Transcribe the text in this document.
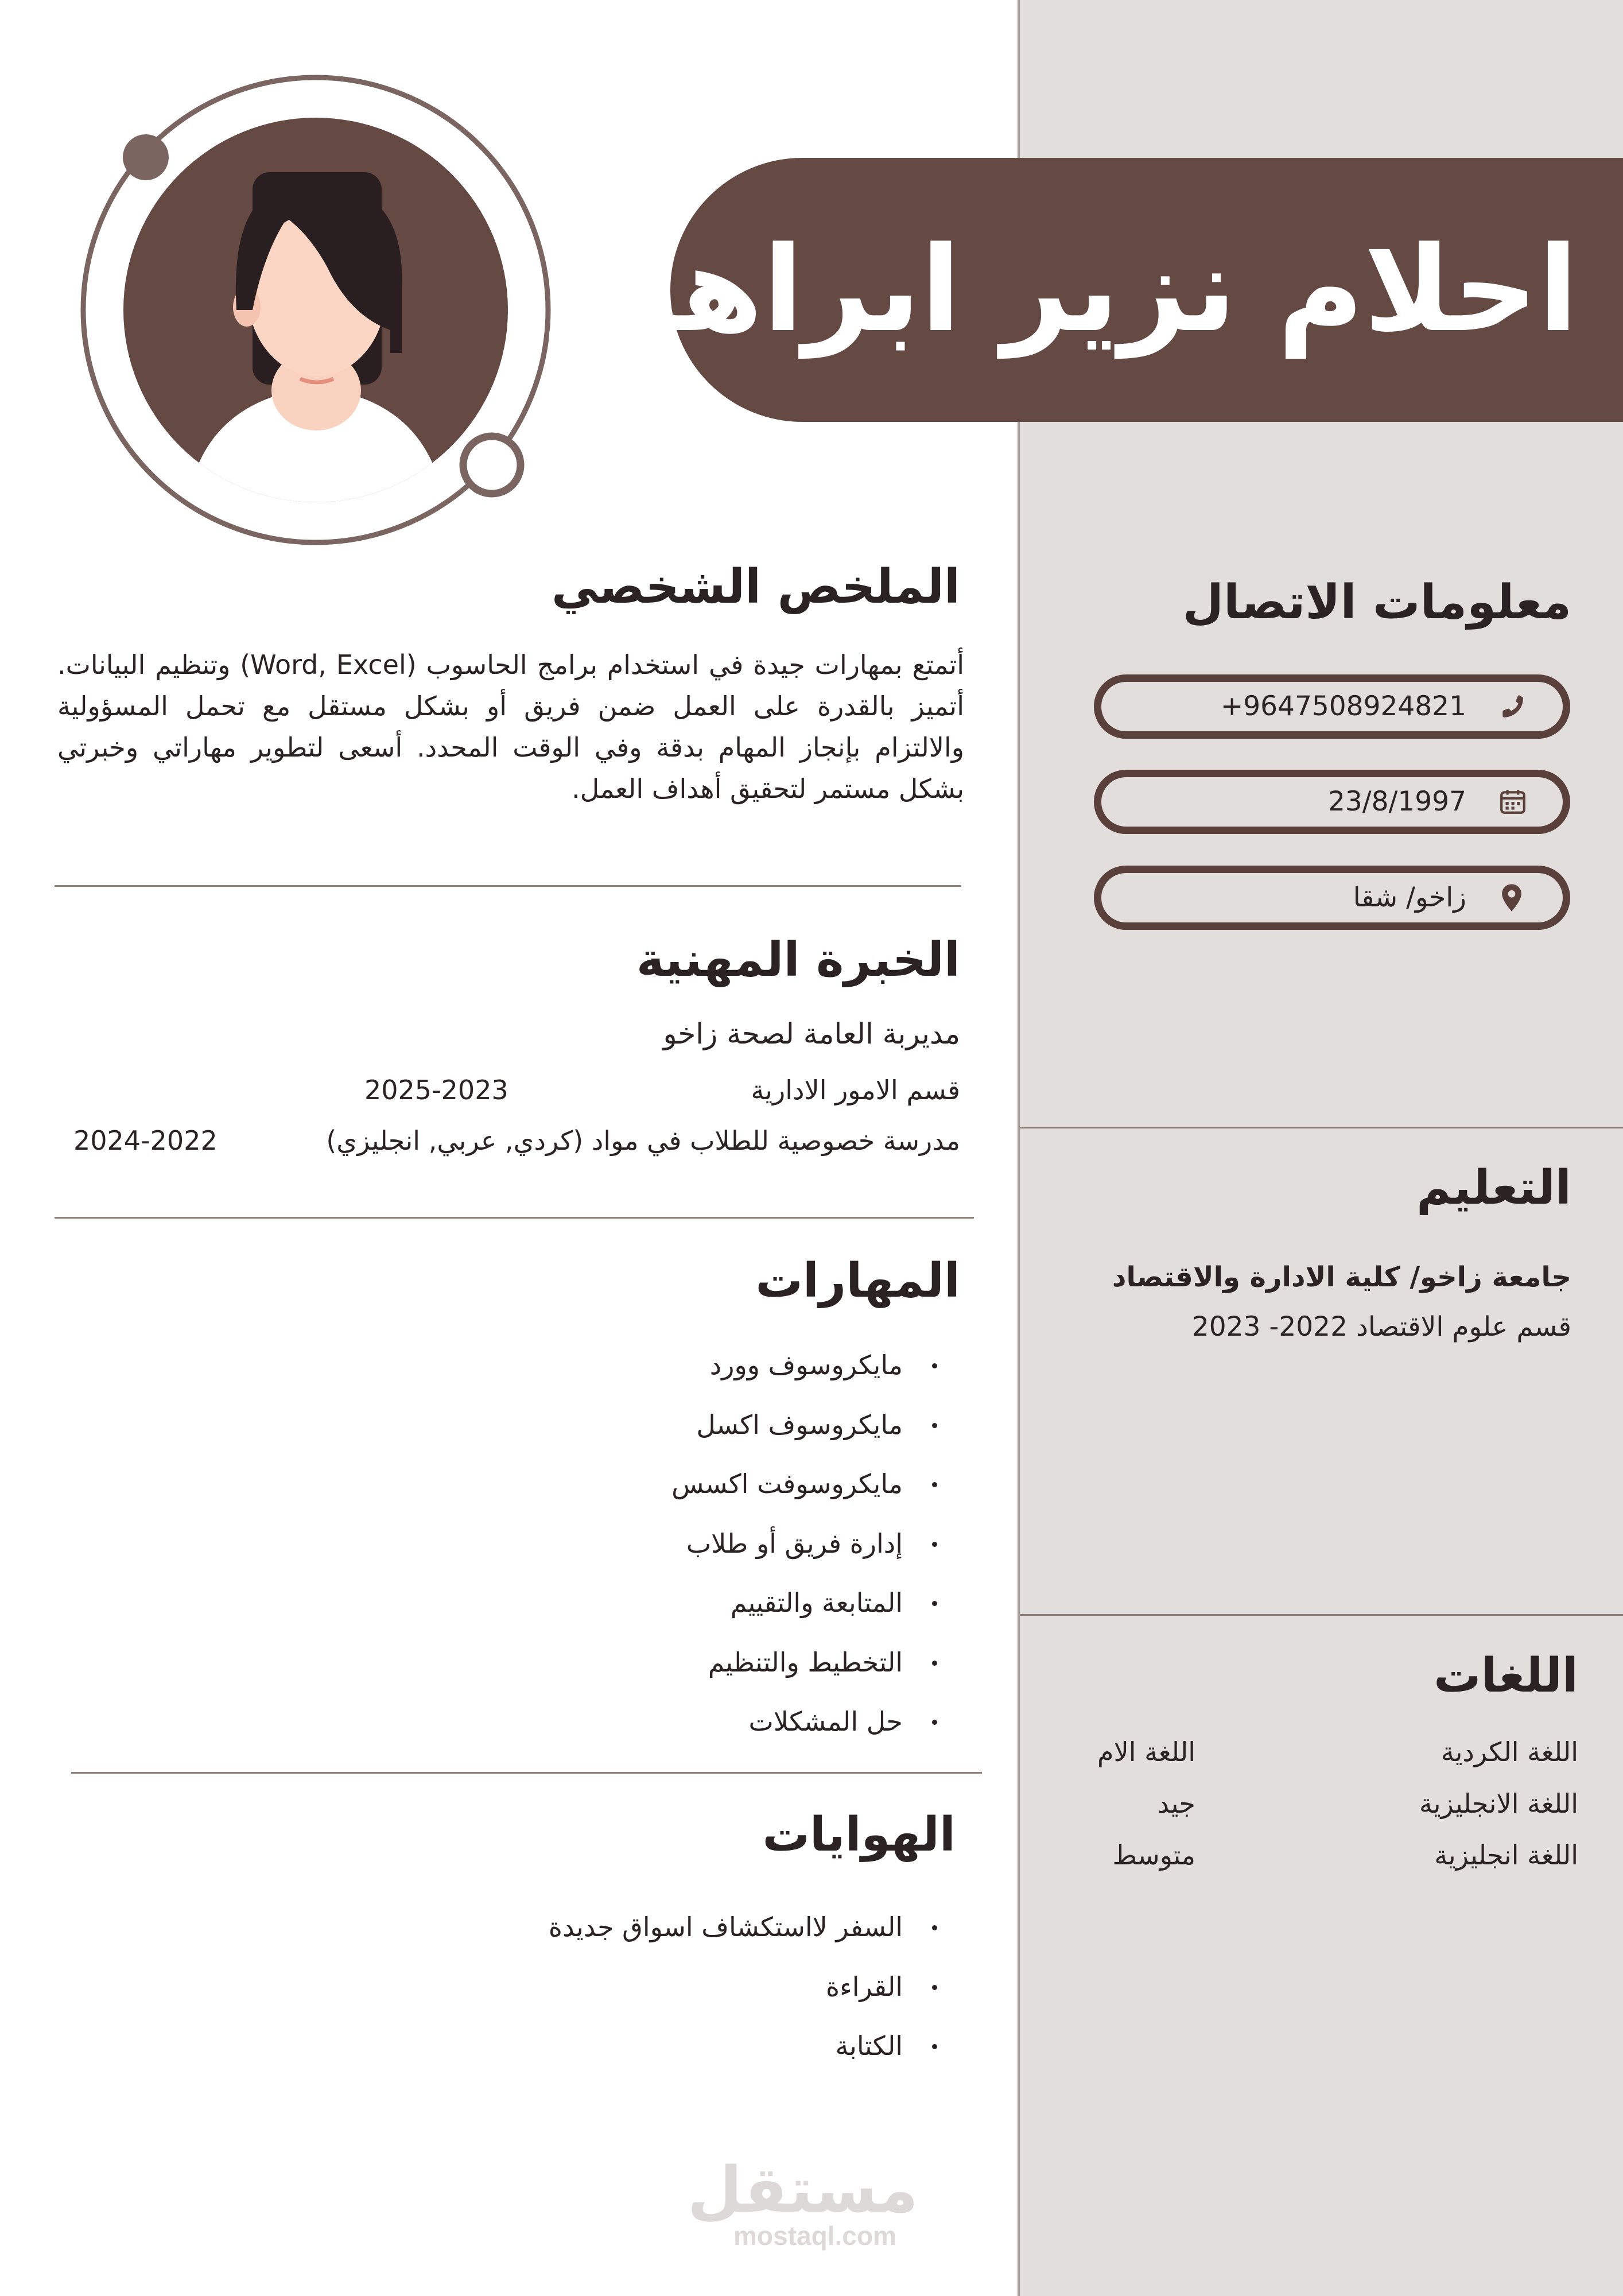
احلام نزير ابراهيم
معلومات الاتصال
+9647508924821
23/8/1997
زاخو/ شقا
التعليم
جامعة زاخو/ كلية الادارة والاقتصاد
قسم علوم الاقتصاد 2022- 2023
اللغات
اللغة الكردية
اللغة الام
اللغة الانجليزية
جيد
اللغة انجليزية
متوسط
الملخص الشخصي
أتمتع بمهارات جيدة في استخدام برامج الحاسوب (Word, Excel) وتنظيم البيانات. أتميز بالقدرة على العمل ضمن فريق أو بشكل مستقل مع تحمل المسؤولية والالتزام بإنجاز المهام بدقة وفي الوقت المحدد. أسعى لتطوير مهاراتي وخبرتي بشكل مستمر لتحقيق أهداف العمل.
الخبرة المهنية
مديربة العامة لصحة زاخو
قسم الامور الادارية
2025-2023
مدرسة خصوصية للطلاب في مواد (كردي, عربي, انجليزي)
2024-2022
المهارات
مايكروسوف وورد
مايكروسوف اكسل
مايكروسوفت اكسس
إدارة فريق أو طلاب
المتابعة والتقييم
التخطيط والتنظيم
حل المشكلات
الهوايات
السفر لااستكشاف اسواق جديدة
القراءة
الكتابة
مستقل
mostaql.com
